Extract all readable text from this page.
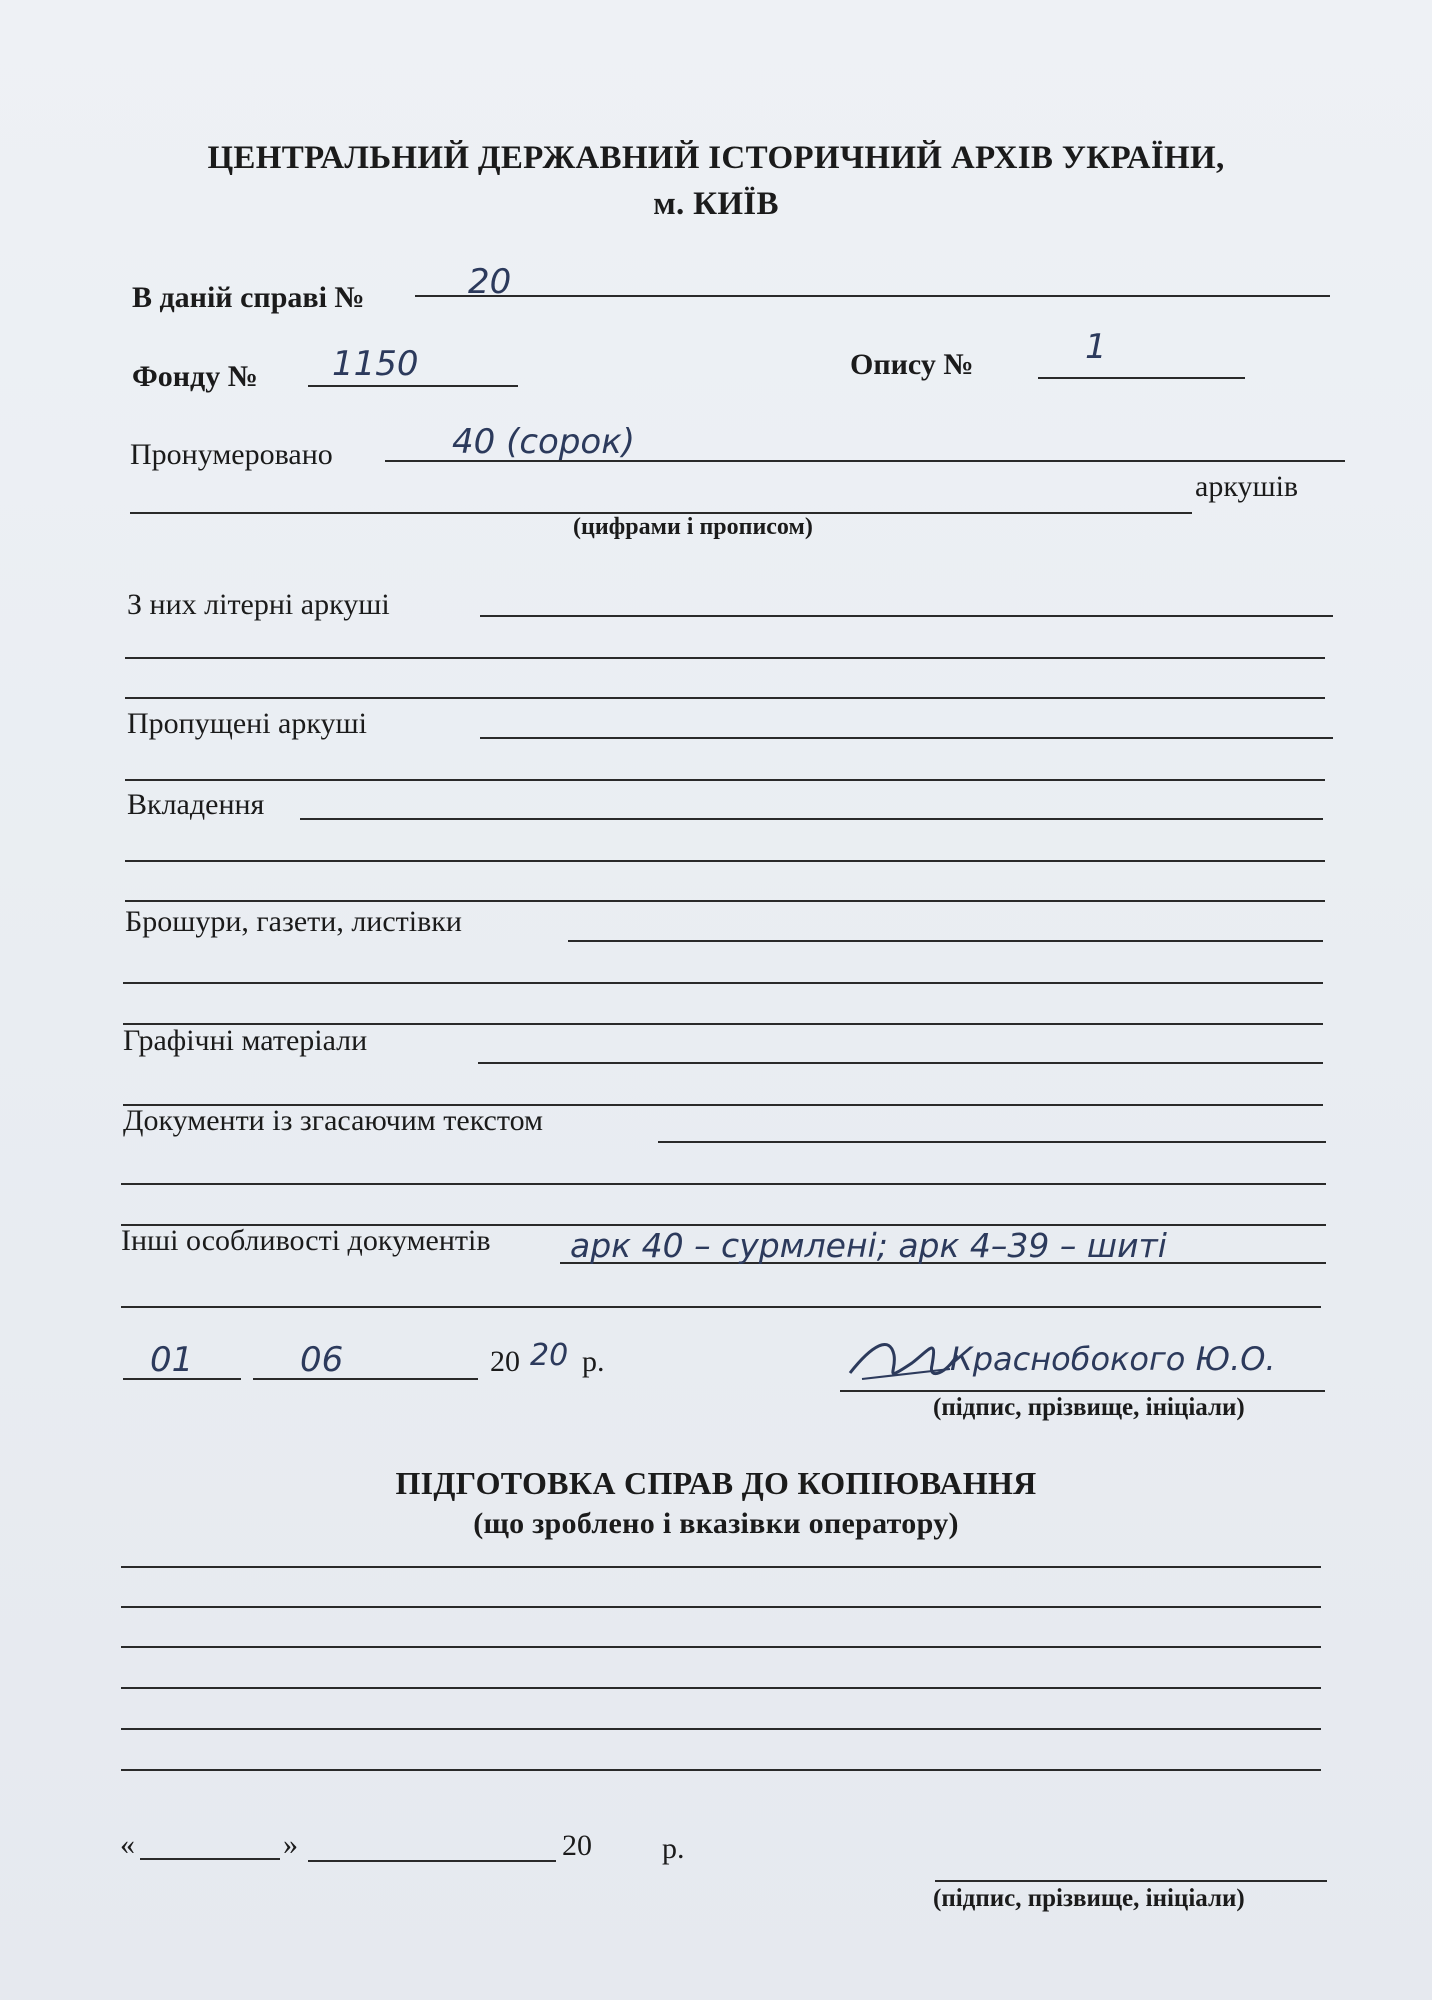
ЦЕНТРАЛЬНИЙ ДЕРЖАВНИЙ ІСТОРИЧНИЙ АРХІВ УКРАЇНИ,
м. КИЇВ
В даній справі №	20
Фонду № 1150	Опису №	1
Пронумеровано	40 (сорок)
аркушів
(цифрами і прописом)
З них літерні аркуші
Пропущені аркуші
Вкладення
Брошури, газети, листівки
Графічні матеріали
Документи із згасаючим текстом
Інші особливості документів арк 40 – сурмлені; арк 4–39 – шитi
01	06	20 20 р.	Краснобокого Ю.О.
(підпис, прізвище, ініціали)
ПІДГОТОВКА СПРАВ ДО КОПІЮВАННЯ
(що зроблено і вказівки оператору)
«	»	20 р.
(підпис, прізвище, ініціали)
